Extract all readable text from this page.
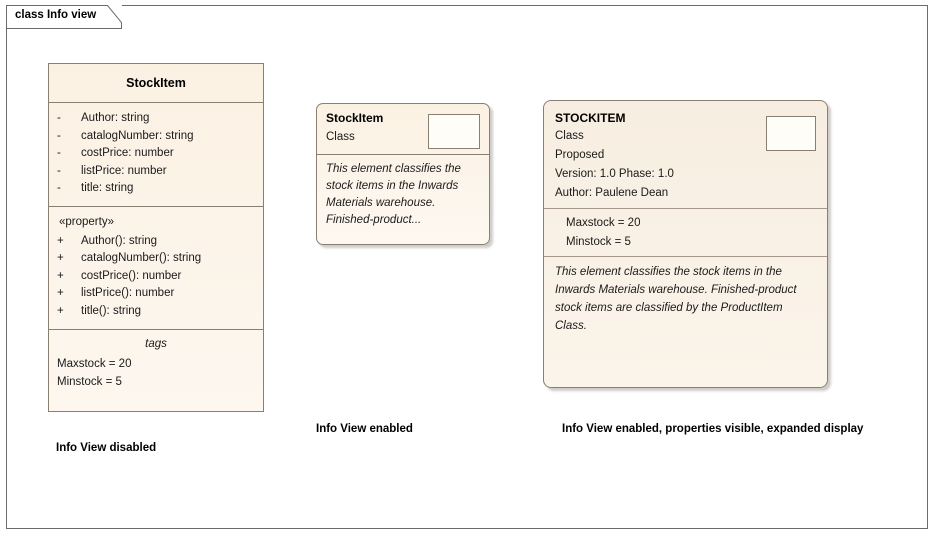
class Info view
StockItem
-	Author: string
-	catalogNumber: string
-	costPrice: number
-	listPrice: number
-	title: string
«property»
+	Author(): string
+	catalogNumber(): string
+	costPrice(): number
+	listPrice(): number
+	title(): string
tags
Maxstock = 20
Minstock = 5
Info View disabled
StockItem
Class
This element classifies the stock items in the Inwards Materials warehouse. Finished-product...
Info View enabled
STOCKITEM
Class
Proposed
Version: 1.0 Phase: 1.0
Author: Paulene Dean
Maxstock = 20
Minstock = 5
This element classifies the stock items in the Inwards Materials warehouse. Finished-product stock items are classified by the ProductItem Class.
Info View enabled, properties visible, expanded display
